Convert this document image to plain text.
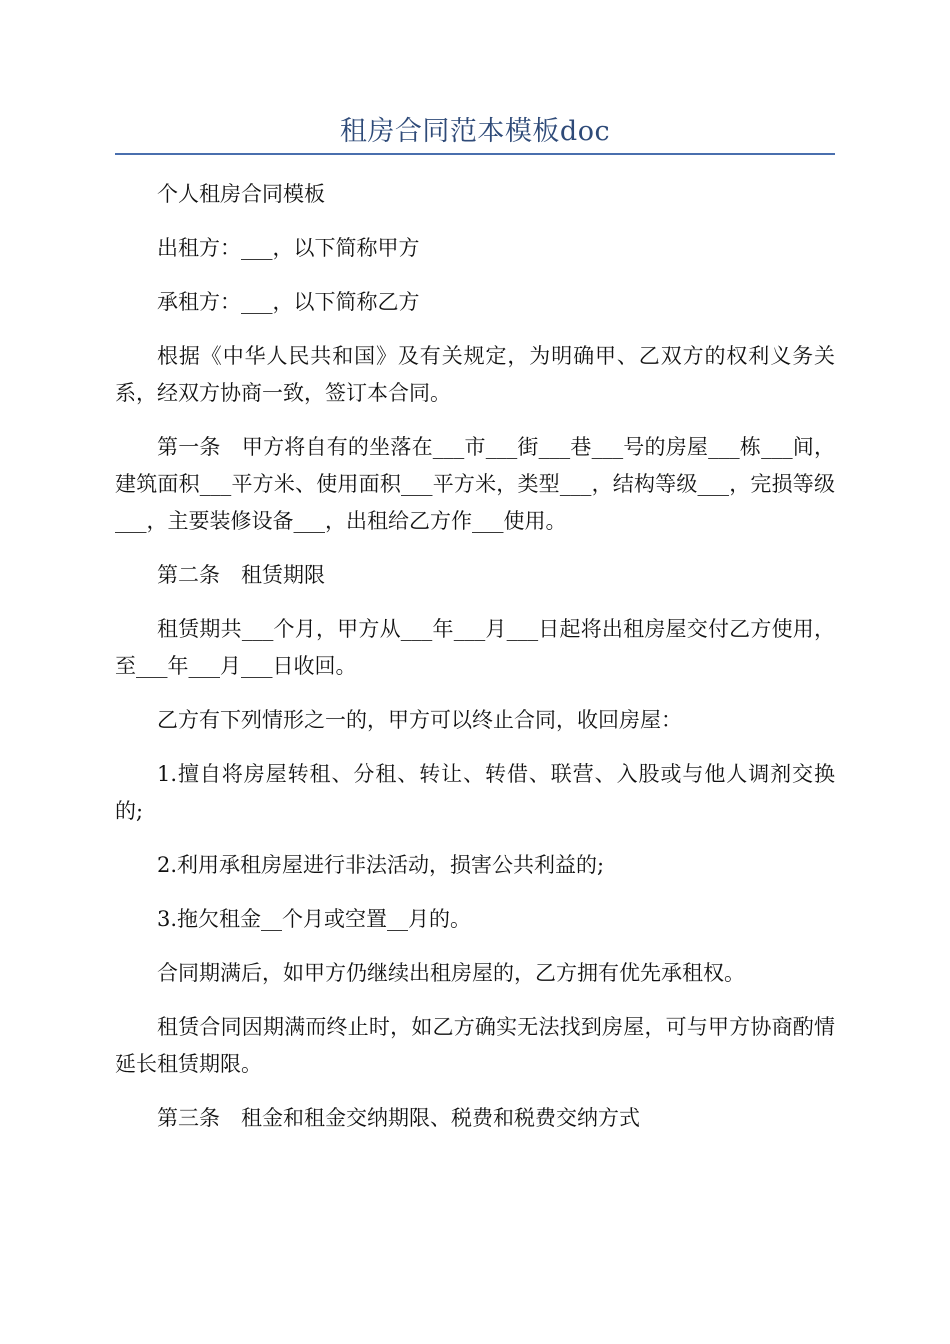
租房合同范本模板doc

个人租房合同模板

出租方：___，以下简称甲方

承租方：___，以下简称乙方

根据《中华人民共和国》及有关规定，为明确甲、乙双方的权利义务关系，经双方协商一致，签订本合同。

第一条　甲方将自有的坐落在___市___街___巷___号的房屋___栋___间，建筑面积___平方米、使用面积___平方米，类型___，结构等级___，完损等级___，主要装修设备___，出租给乙方作___使用。

第二条　租赁期限

租赁期共___个月，甲方从___年___月___日起将出租房屋交付乙方使用，至___年___月___日收回。

乙方有下列情形之一的，甲方可以终止合同，收回房屋：

1.擅自将房屋转租、分租、转让、转借、联营、入股或与他人调剂交换的;

2.利用承租房屋进行非法活动，损害公共利益的;

3.拖欠租金__个月或空置__月的。

合同期满后，如甲方仍继续出租房屋的，乙方拥有优先承租权。

租赁合同因期满而终止时，如乙方确实无法找到房屋，可与甲方协商酌情延长租赁期限。

第三条　租金和租金交纳期限、税费和税费交纳方式
